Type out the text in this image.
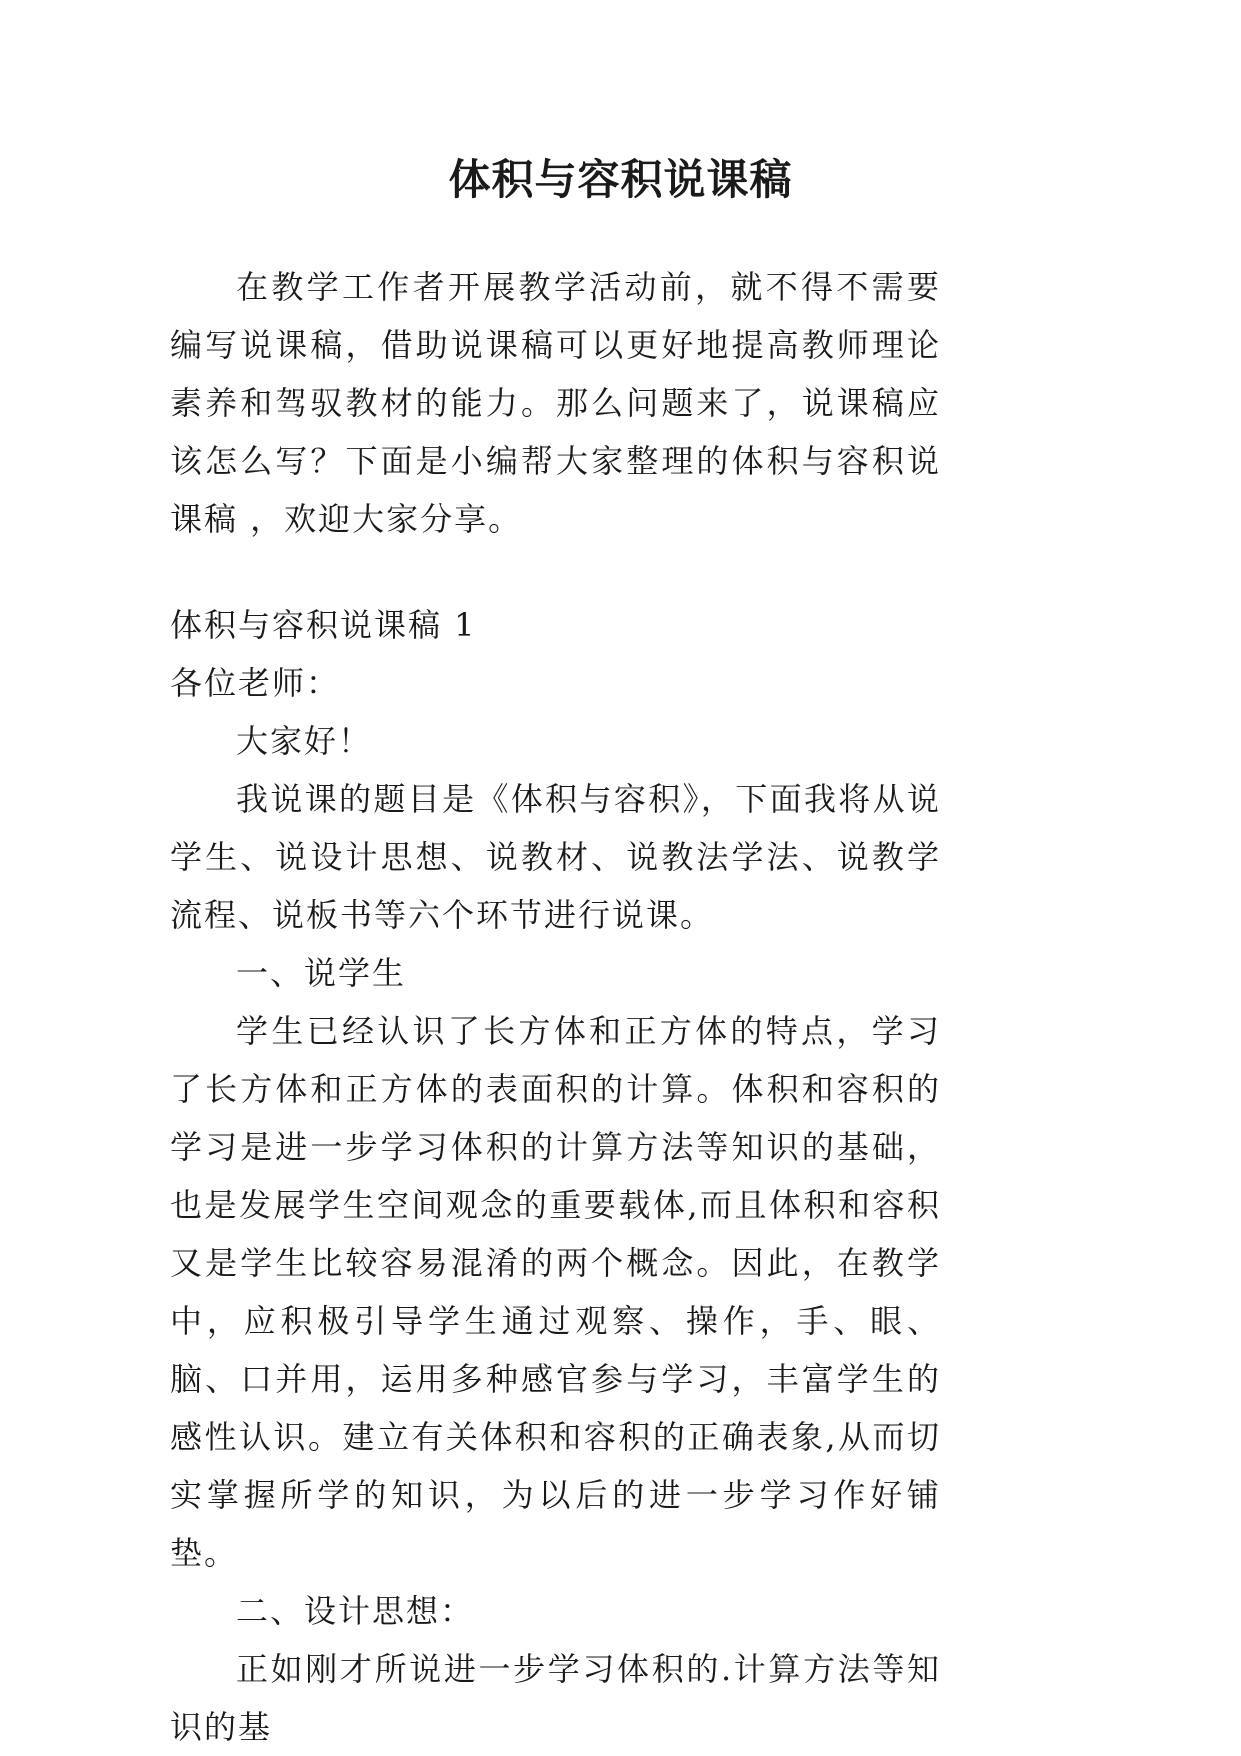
体积与容积说课稿

在教学工作者开展教学活动前，就不得不需要编写说课稿，借助说课稿可以更好地提高教师理论素养和驾驭教材的能力。那么问题来了，说课稿应该怎么写？下面是小编帮大家整理的体积与容积说课稿 ，欢迎大家分享。

体积与容积说课稿 1

各位老师：

大家好！

我说课的题目是《体积与容积》，下面我将从说学生、说设计思想、说教材、说教法学法、说教学流程、说板书等六个环节进行说课。

一、说学生

学生已经认识了长方体和正方体的特点，学习了长方体和正方体的表面积的计算。体积和容积的学习是进一步学习体积的计算方法等知识的基础，也是发展学生空间观念的重要载体,而且体积和容积又是学生比较容易混淆的两个概念。因此，在教学中，应积极引导学生通过观察、操作，手、眼、脑、口并用，运用多种感官参与学习，丰富学生的感性认识。建立有关体积和容积的正确表象,从而切实掌握所学的知识，为以后的进一步学习作好铺垫。

二、设计思想：

正如刚才所说进一步学习体积的.计算方法等知识的基
